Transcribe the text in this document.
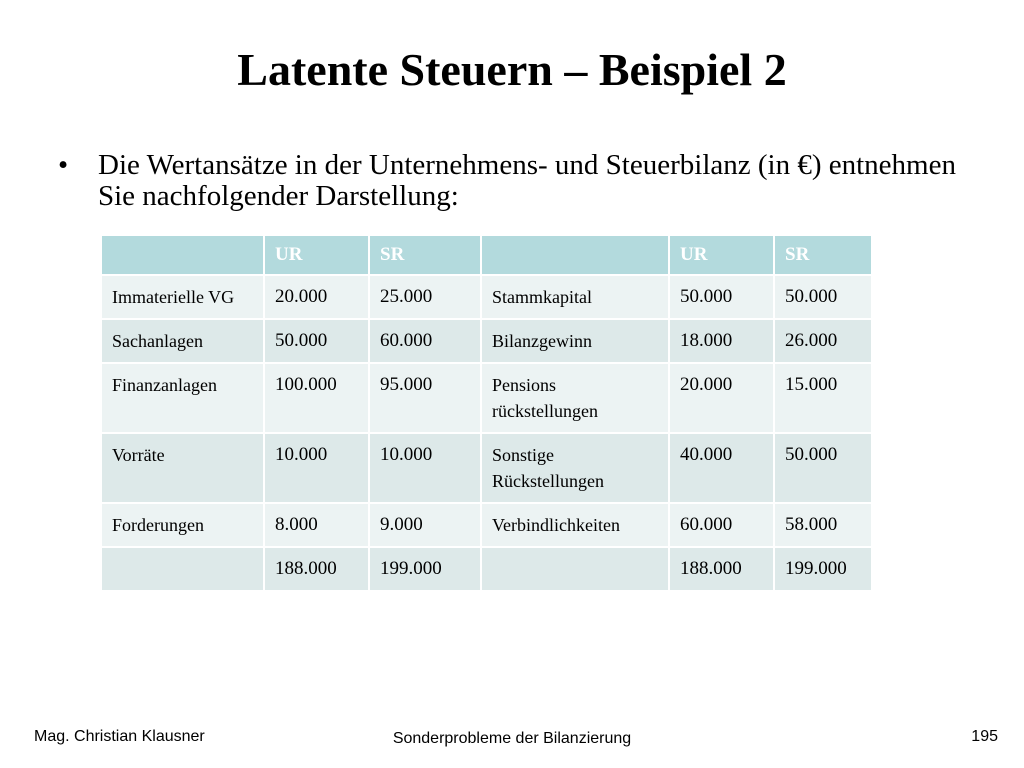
Latente Steuern – Beispiel 2
•	Die Wertansätze in der Unternehmens- und Steuerbilanz (in €) entnehmen Sie nachfolgender Darstellung:
	UR	SR		UR	SR
Immaterielle VG	20.000	25.000	Stammkapital	50.000	50.000
Sachanlagen	50.000	60.000	Bilanzgewinn	18.000	26.000
Finanzanlagen	100.000	95.000	Pensions rückstellungen	20.000	15.000
Vorräte	10.000	10.000	Sonstige Rückstellungen	40.000	50.000
Forderungen	8.000	9.000	Verbindlichkeiten	60.000	58.000
	188.000	199.000		188.000	199.000
Mag. Christian Klausner	Sonderprobleme der Bilanzierung	195
